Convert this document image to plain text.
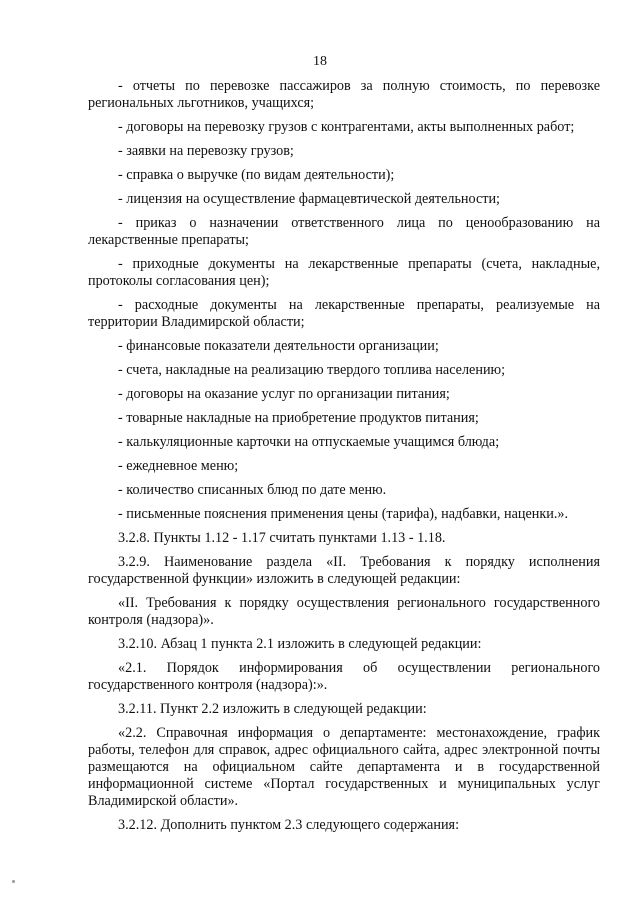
18

- отчеты по перевозке пассажиров за полную стоимость, по перевозке региональных льготников, учащихся;

- договоры на перевозку грузов с контрагентами, акты выполненных работ;

- заявки на перевозку грузов;

- справка о выручке (по видам деятельности);

- лицензия на осуществление фармацевтической деятельности;

- приказ о назначении ответственного лица по ценообразованию на лекарственные препараты;

- приходные документы на лекарственные препараты (счета, накладные, протоколы согласования цен);

- расходные документы на лекарственные препараты, реализуемые на территории Владимирской области;

- финансовые показатели деятельности организации;

- счета, накладные на реализацию твердого топлива населению;

- договоры на оказание услуг по организации питания;

- товарные накладные на приобретение продуктов питания;

- калькуляционные карточки на отпускаемые учащимся блюда;

- ежедневное меню;

- количество списанных блюд по дате меню.

- письменные пояснения применения цены (тарифа), надбавки, наценки.».

3.2.8. Пункты 1.12 - 1.17 считать пунктами 1.13 - 1.18.

3.2.9. Наименование раздела «II. Требования к порядку исполнения государственной функции» изложить в следующей редакции:

«II. Требования к порядку осуществления регионального государственного контроля (надзора)».

3.2.10. Абзац 1 пункта 2.1 изложить в следующей редакции:

«2.1. Порядок информирования об осуществлении регионального государственного контроля (надзора):».

3.2.11. Пункт 2.2 изложить в следующей редакции:

«2.2. Справочная информация о департаменте: местонахождение, график работы, телефон для справок, адрес официального сайта, адрес электронной почты размещаются на официальном сайте департамента и в государственной информационной системе «Портал государственных и муниципальных услуг Владимирской области».

3.2.12. Дополнить пунктом 2.3 следующего содержания:
